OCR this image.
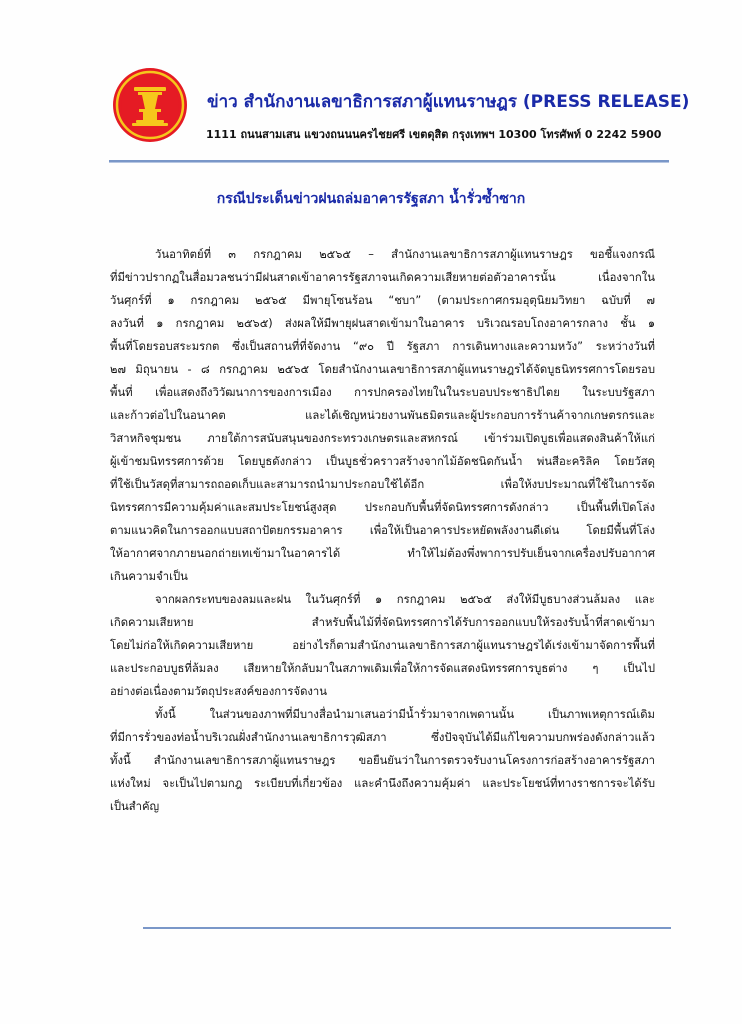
ข่าว สำนักงานเลขาธิการสภาผู้แทนราษฎร (PRESS RELEASE)
1111 ถนนสามเสน แขวงถนนนครไชยศรี เขตดุสิต กรุงเทพฯ 10300 โทรศัพท์ 0 2242 5900
กรณีประเด็นข่าวฝนถล่มอาคารรัฐสภา น้ำรั่วซ้ำซาก
วันอาทิตย์ที่ ๓ กรกฎาคม ๒๕๖๕ – สำนักงานเลขาธิการสภาผู้แทนราษฎร ขอชี้แจงกรณี
ที่มีข่าวปรากฏในสื่อมวลชนว่ามีฝนสาดเข้าอาคารรัฐสภาจนเกิดความเสียหายต่อตัวอาคารนั้น เนื่องจากใน
วันศุกร์ที่ ๑ กรกฎาคม ๒๕๖๕ มีพายุโซนร้อน “ชบา” (ตามประกาศกรมอุตุนิยมวิทยา ฉบับที่ ๗
ลงวันที่ ๑ กรกฎาคม ๒๕๖๕) ส่งผลให้มีพายุฝนสาดเข้ามาในอาคาร บริเวณรอบโถงอาคารกลาง ชั้น ๑
พื้นที่โดยรอบสระมรกต ซึ่งเป็นสถานที่ที่จัดงาน “๙๐ ปี รัฐสภา การเดินทางและความหวัง” ระหว่างวันที่
๒๗ มิถุนายน - ๘ กรกฎาคม ๒๕๖๕ โดยสำนักงานเลขาธิการสภาผู้แทนราษฎรได้จัดบูธนิทรรศการโดยรอบ
พื้นที่ เพื่อแสดงถึงวิวัฒนาการของการเมือง การปกครองไทยในในระบอบประชาธิปไตย ในระบบรัฐสภา
และก้าวต่อไปในอนาคต และได้เชิญหน่วยงานพันธมิตรและผู้ประกอบการร้านค้าจากเกษตรกรและ
วิสาหกิจชุมชน ภายใต้การสนับสนุนของกระทรวงเกษตรและสหกรณ์ เข้าร่วมเปิดบูธเพื่อแสดงสินค้าให้แก่
ผู้เข้าชมนิทรรศการด้วย โดยบูธดังกล่าว เป็นบูธชั่วคราวสร้างจากไม้อัดชนิดกันน้ำ พ่นสีอะคริลิค โดยวัสดุ
ที่ใช้เป็นวัสดุที่สามารถถอดเก็บและสามารถนำมาประกอบใช้ได้อีก เพื่อให้งบประมาณที่ใช้ในการจัด
นิทรรศการมีความคุ้มค่าและสมประโยชน์สูงสุด ประกอบกับพื้นที่จัดนิทรรศการดังกล่าว เป็นพื้นที่เปิดโล่ง
ตามแนวคิดในการออกแบบสถาปัตยกรรมอาคาร เพื่อให้เป็นอาคารประหยัดพลังงานดีเด่น โดยมีพื้นที่โล่ง
ให้อากาศจากภายนอกถ่ายเทเข้ามาในอาคารได้ ทำให้ไม่ต้องพึ่งพาการปรับเย็นจากเครื่องปรับอากาศ
เกินความจำเป็น
จากผลกระทบของลมและฝน ในวันศุกร์ที่ ๑ กรกฎาคม ๒๕๖๕ ส่งให้มีบูธบางส่วนล้มลง และ
เกิดความเสียหาย สำหรับพื้นไม้ที่จัดนิทรรศการได้รับการออกแบบให้รองรับน้ำที่สาดเข้ามา
โดยไม่ก่อให้เกิดความเสียหาย อย่างไรก็ตามสำนักงานเลขาธิการสภาผู้แทนราษฎรได้เร่งเข้ามาจัดการพื้นที่
และประกอบบูธที่ล้มลง เสียหายให้กลับมาในสภาพเดิมเพื่อให้การจัดแสดงนิทรรศการบูธต่าง ๆ เป็นไป
อย่างต่อเนื่องตามวัตถุประสงค์ของการจัดงาน
ทั้งนี้ ในส่วนของภาพที่มีบางสื่อนำมาเสนอว่ามีน้ำรั่วมาจากเพดานนั้น เป็นภาพเหตุการณ์เดิม
ที่มีการรั่วของท่อน้ำบริเวณฝั่งสำนักงานเลขาธิการวุฒิสภา ซึ่งปัจจุบันได้มีแก้ไขความบกพร่องดังกล่าวแล้ว
ทั้งนี้ สำนักงานเลขาธิการสภาผู้แทนราษฎร ขอยืนยันว่าในการตรวจรับงานโครงการก่อสร้างอาคารรัฐสภา
แห่งใหม่ จะเป็นไปตามกฎ ระเบียบที่เกี่ยวข้อง และคำนึงถึงความคุ้มค่า และประโยชน์ที่ทางราชการจะได้รับ
เป็นสำคัญ
